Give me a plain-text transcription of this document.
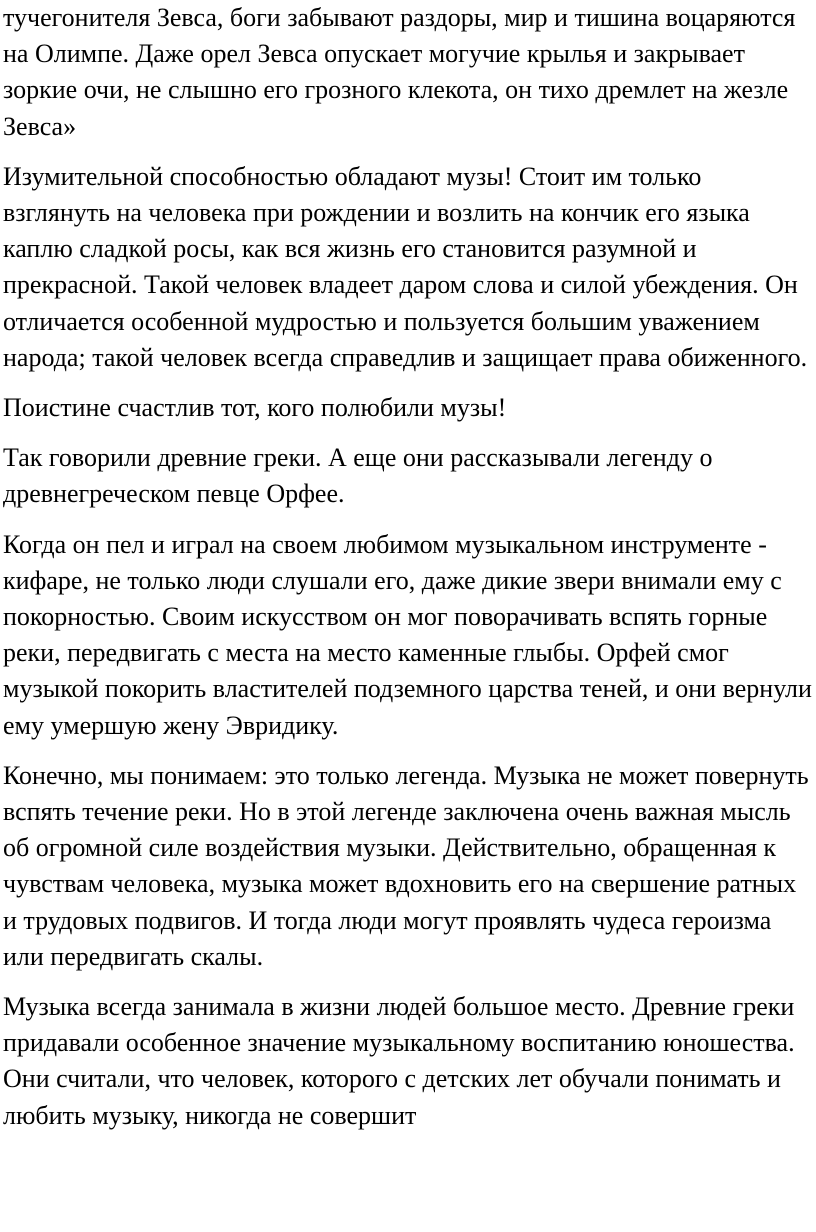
тучегонителя Зевса, боги забывают раздоры, мир и тишина воцаряются на Олимпе. Даже орел Зевса опускает могучие крылья и закрывает зоркие очи, не слышно его грозного клекота, он тихо дремлет на жезле Зевса»

Изумительной способностью обладают музы! Стоит им только взглянуть на человека при рождении и возлить на кончик его языка каплю сладкой росы, как вся жизнь его становится разумной и прекрасной. Такой человек владеет даром слова и силой убеждения. Он отличается особенной мудростью и пользуется большим уважением народа; такой человек всегда справедлив и защищает права обиженного.

Поистине счастлив тот, кого полюбили музы!

Так говорили древние греки. А еще они рассказывали легенду о древнегреческом певце Орфее.

Когда он пел и играл на своем любимом музыкальном инструменте - кифаре, не только люди слушали его, даже дикие звери внимали ему с покорностью. Своим искусством он мог поворачивать вспять горные реки, передвигать с места на место каменные глыбы. Орфей смог музыкой покорить властителей подземного царства теней, и они вернули ему умершую жену Эвридику.

Конечно, мы понимаем: это только легенда. Музыка не может повернуть вспять течение реки. Но в этой легенде заключена очень важная мысль об огромной силе воздействия музыки. Действительно, обращенная к чувствам человека, музыка может вдохновить его на свершение ратных и трудовых подвигов. И тогда люди могут проявлять чудеса героизма или передвигать скалы.

Музыка всегда занимала в жизни людей большое место. Древние греки придавали особенное значение музыкальному воспитанию юношества. Они считали, что человек, которого с детских лет обучали понимать и любить музыку, никогда не совершит
